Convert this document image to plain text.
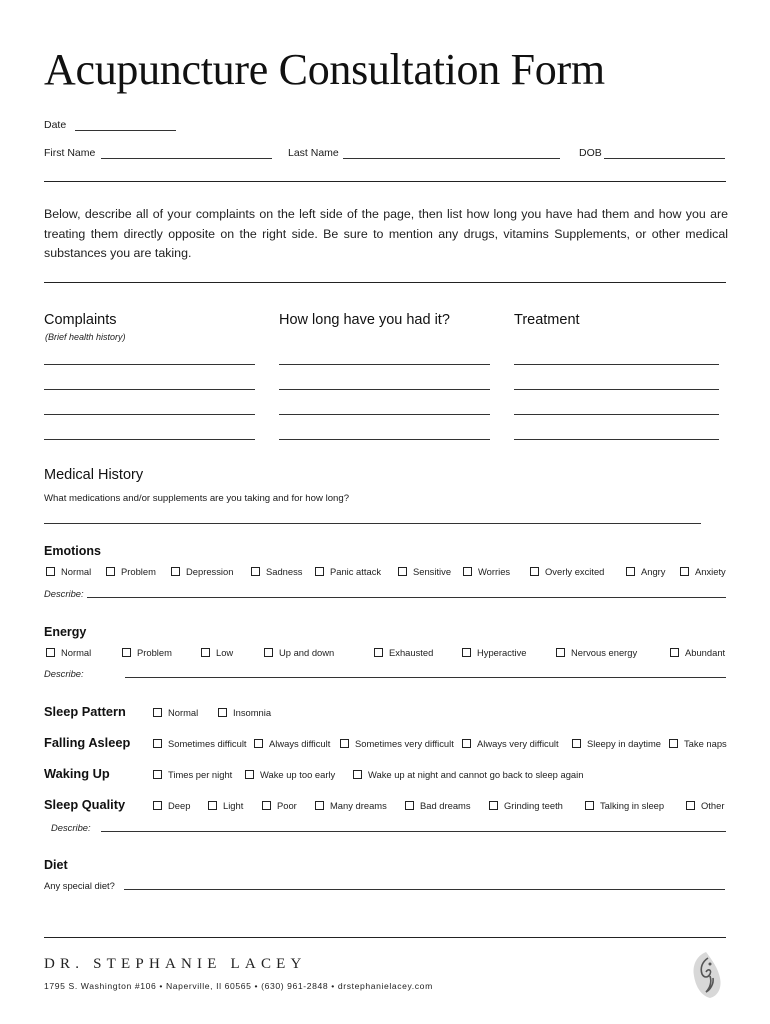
Acupuncture Consultation Form
Date
First Name	Last Name	DOB
Below, describe all of your complaints on the left side of the page, then list how long you have had them and how you are treating them directly opposite on the right side. Be sure to mention any drugs, vitamins Supplements, or other medical substances you are taking.
Complaints
(Brief health history)
How long have you had it?	Treatment
Medical History
What medications and/or supplements are you taking and for how long?
Emotions
Describe:
Energy
Describe:
Sleep Pattern
Falling Asleep
Waking Up
Sleep Quality
Describe:
Diet
Any special diet?
Normal	Problem	Depression	Sadness	Panic attack	Sensitive	Worries	Overly excited	Angry	Anxiety
Normal	Problem	Low	Up and down	Exhausted	Hyperactive	Nervous energy	Abundant
Normal	Insomnia
Sometimes difficult Always difficult	Sometimes very difficult Always very difficult	Sleepy in daytime Take naps
Times per night	Wake up too early	Wake up at night and cannot go back to sleep again
Deep	Light	Poor	Many dreams	Bad dreams	Grinding teeth	Talking in sleep	Other
DR. STEPHANIE LACEY
1795 S. Washington #106 • Naperville, Il 60565 • (630) 961-2848 • drstephanielacey.com
